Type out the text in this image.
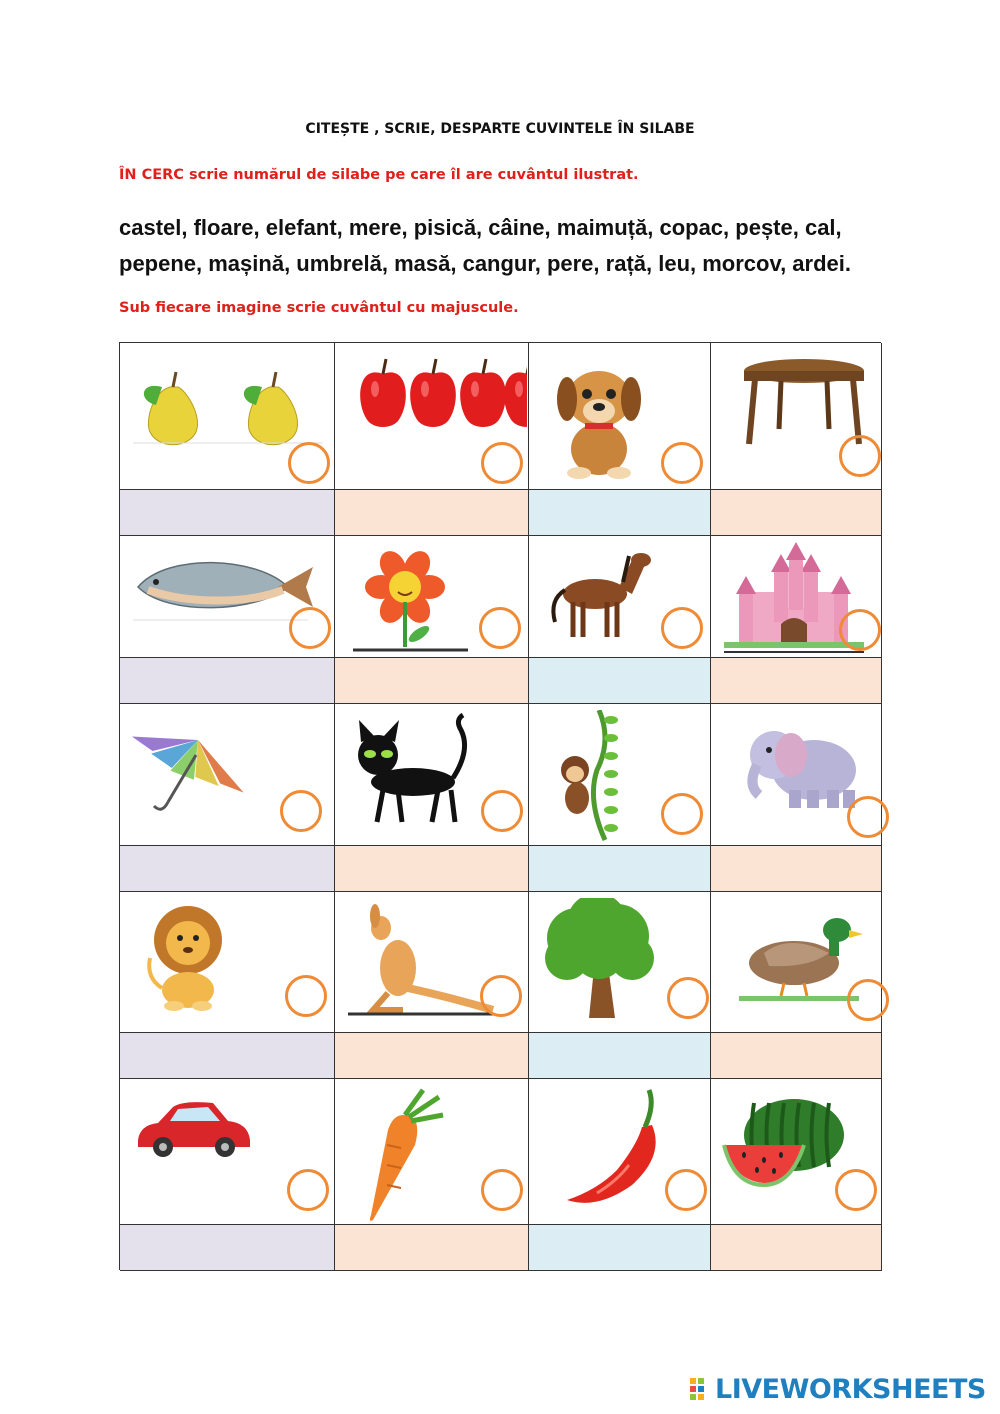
CITEȘTE , SCRIE, DESPARTE CUVINTELE ÎN SILABE
ÎN CERC scrie numărul de silabe pe care îl are cuvântul ilustrat.
castel, floare, elefant, mere, pisică, câine, maimuță, copac, pește, cal,
pepene, mașină, umbrelă, masă, cangur, pere, rață, leu, morcov, ardei.
Sub fiecare imagine scrie cuvântul cu majuscule.
LIVEWORKSHEETS
